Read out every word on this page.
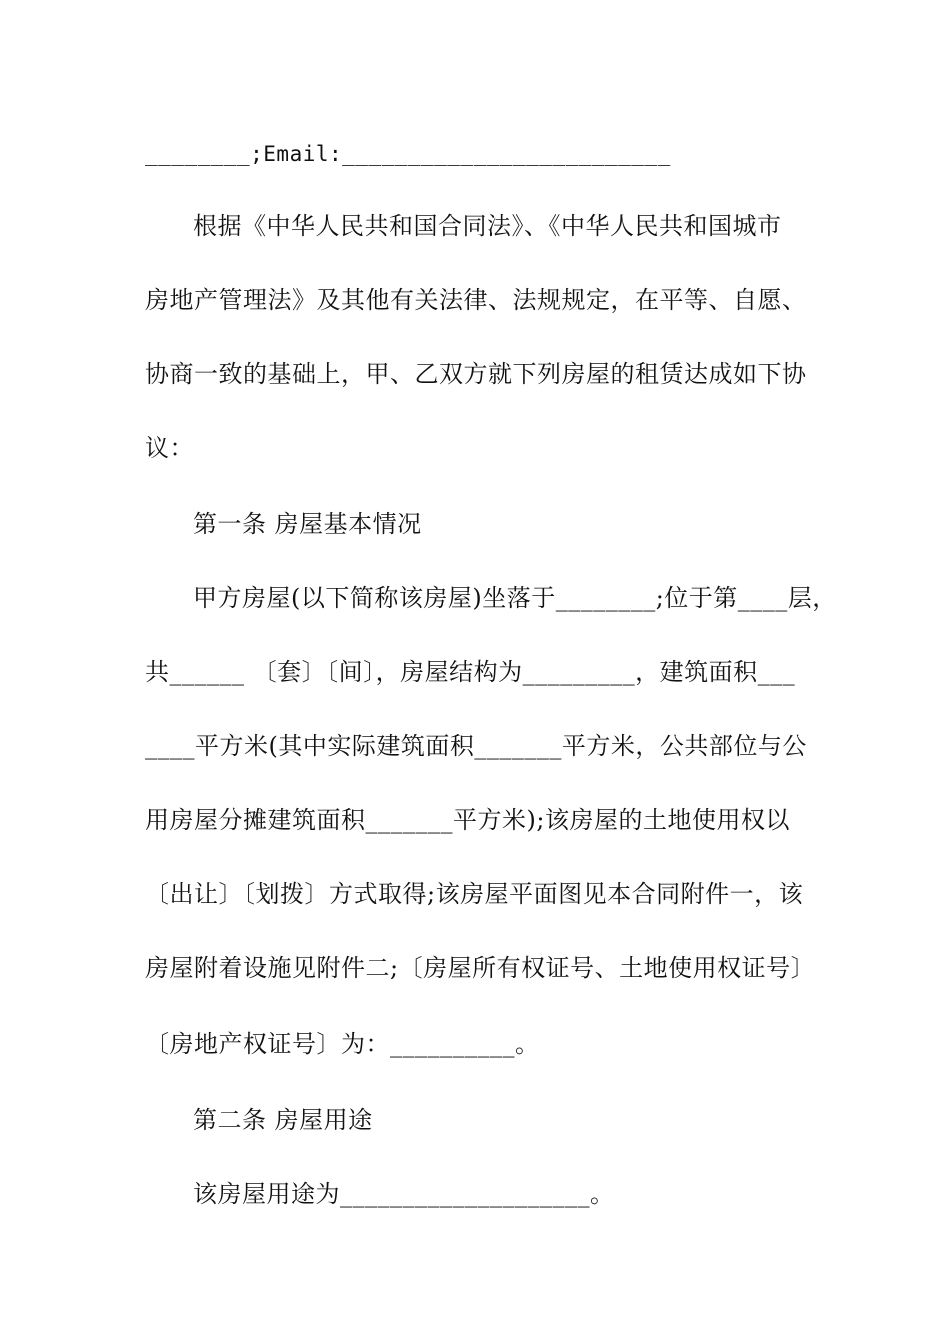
________;Email:_________________________
根据《中华人民共和国合同法》、《中华人民共和国城市
房地产管理法》及其他有关法律、法规规定，在平等、自愿、
协商一致的基础上，甲、乙双方就下列房屋的租赁达成如下协
议：
第一条 房屋基本情况
甲方房屋(以下简称该房屋)坐落于________;位于第____层，
共______ 〔套〕〔间〕，房屋结构为_________，建筑面积___
____平方米(其中实际建筑面积_______平方米，公共部位与公
用房屋分摊建筑面积_______平方米);该房屋的土地使用权以
〔出让〕〔划拨〕方式取得;该房屋平面图见本合同附件一，该
房屋附着设施见附件二;〔房屋所有权证号、土地使用权证号〕
〔房地产权证号〕为：__________。
第二条 房屋用途
该房屋用途为____________________。
